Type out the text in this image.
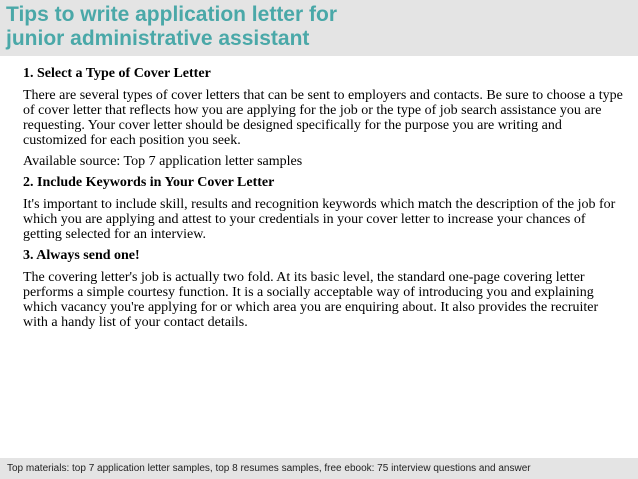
Tips to write application letter for
junior administrative assistant

1. Select a Type of Cover Letter

There are several types of cover letters that can be sent to employers and contacts. Be sure to choose a type of cover letter that reflects how you are applying for the job or the type of job search assistance you are requesting. Your cover letter should be designed specifically for the purpose you are writing and customized for each position you seek.

Available source: Top 7 application letter samples

2. Include Keywords in Your Cover Letter

It's important to include skill, results and recognition keywords which match the description of the job for which you are applying and attest to your credentials in your cover letter to increase your chances of getting selected for an interview.

3. Always send one!

The covering letter's job is actually two fold. At its basic level, the standard one-page covering letter performs a simple courtesy function. It is a socially acceptable way of introducing you and explaining which vacancy you're applying for or which area you are enquiring about. It also provides the recruiter with a handy list of your contact details.

Top materials: top 7 application letter samples, top 8 resumes samples, free ebook: 75 interview questions and answer
